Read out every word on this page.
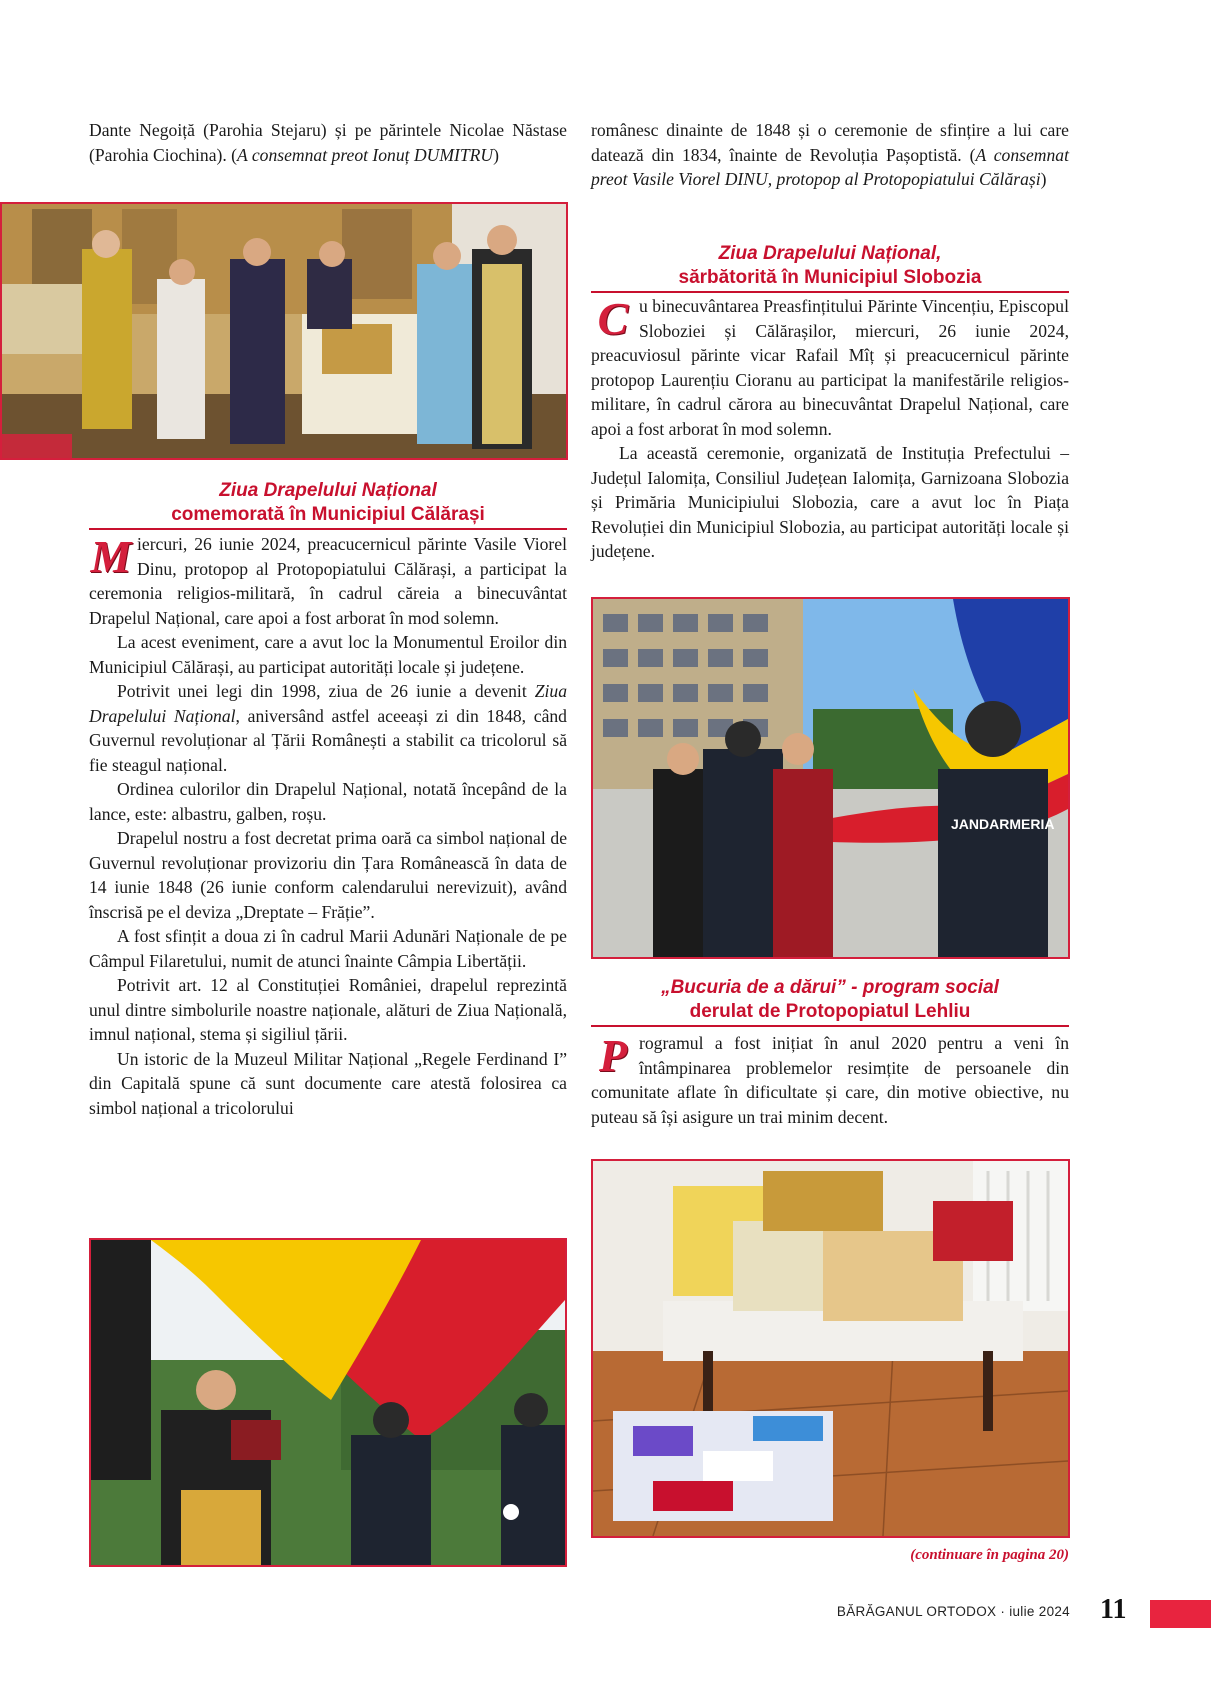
Dante Negoiță (Parohia Stejaru) și pe părintele Nicolae Năstase (Parohia Ciochina). (A consemnat preot Ionuț DUMITRU)

Ziua Drapelului Național
comemorată în Municipiul Călărași

Miercuri, 26 iunie 2024, preacucernicul părinte Vasile Viorel Dinu, protopop al Protopopiatului Călărași, a participat la ceremonia religios-militară, în cadrul căreia a binecuvântat Drapelul Național, care apoi a fost arborat în mod solemn.

La acest eveniment, care a avut loc la Monumentul Eroilor din Municipiul Călărași, au participat autorități locale și județene.

Potrivit unei legi din 1998, ziua de 26 iunie a devenit Ziua Drapelului Național, aniversând astfel aceeași zi din 1848, când Guvernul revoluționar al Țării Românești a stabilit ca tricolorul să fie steagul național.

Ordinea culorilor din Drapelul Național, notată începând de la lance, este: albastru, galben, roșu.

Drapelul nostru a fost decretat prima oară ca simbol național de Guvernul revoluționar provizoriu din Țara Românească în data de 14 iunie 1848 (26 iunie conform calendarului nerevizuit), având înscrisă pe el deviza „Dreptate – Frăție”.

A fost sfințit a doua zi în cadrul Marii Adunări Naționale de pe Câmpul Filaretului, numit de atunci înainte Câmpia Libertății.

Potrivit art. 12 al Constituției României, drapelul reprezintă unul dintre simbolurile noastre naționale, alături de Ziua Națională, imnul național, stema și sigiliul țării.

Un istoric de la Muzeul Militar Național „Regele Ferdinand I” din Capitală spune că sunt documente care atestă folosirea ca simbol național a tricolorului

românesc dinainte de 1848 și o ceremonie de sfințire a lui care datează din 1834, înainte de Revoluția Pașoptistă. (A consemnat preot Vasile Viorel DINU, protopop al Protopopiatului Călărași)

Ziua Drapelului Național,
sărbătorită în Municipiul Slobozia

Cu binecuvântarea Preasfințitului Părinte Vincențiu, Episcopul Sloboziei și Călărașilor, miercuri, 26 iunie 2024, preacuviosul părinte vicar Rafail Mîț și preacucernicul părinte protopop Laurențiu Cioranu au participat la manifestările religios-militare, în cadrul cărora au binecuvântat Drapelul Național, care apoi a fost arborat în mod solemn.

La această ceremonie, organizată de Instituția Prefectului – Județul Ialomița, Consiliul Județean Ialomița, Garnizoana Slobozia și Primăria Municipiului Slobozia, care a avut loc în Piața Revoluției din Municipiul Slobozia, au participat autorități locale și județene.

JANDARMERIA
„Bucuria de a dărui” - program social
derulat de Protopopiatul Lehliu

Programul a fost inițiat în anul 2020 pentru a veni în întâmpinarea problemelor resimțite de persoanele din comunitate aflate în dificultate și care, din motive obiective, nu puteau să își asigure un trai minim decent.

(continuare în pagina 20)
BĂRĂGANUL ORTODOX · iulie 2024 11
